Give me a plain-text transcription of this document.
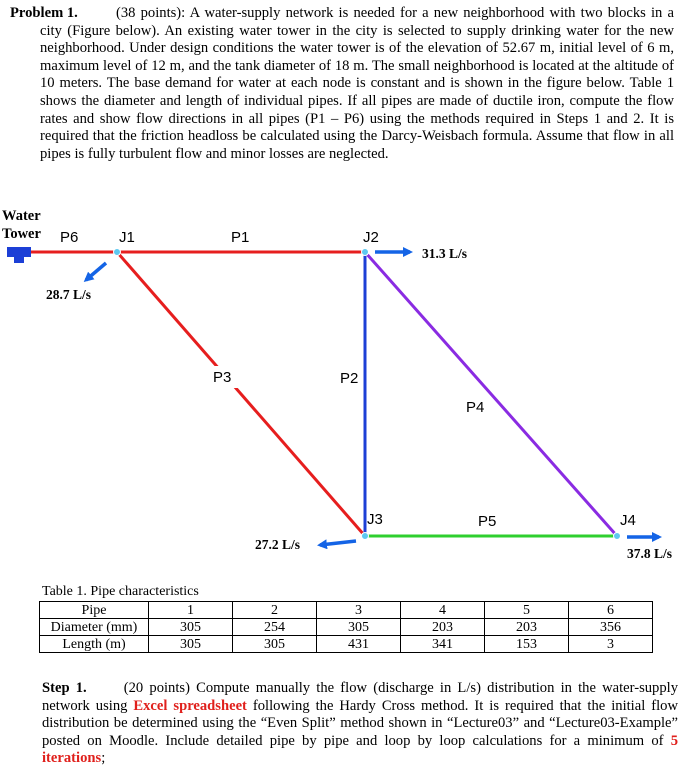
Problem 1.	(38 points): A water-supply network is needed for a new neighborhood with two blocks in a city (Figure below). An existing water tower in the city is selected to supply drinking water for the new neighborhood. Under design conditions the water tower is of the elevation of 52.67 m, initial level of 6 m, maximum level of 12 m, and the tank diameter of 18 m. The small neighborhood is located at the altitude of 10 meters. The base demand for water at each node is constant and is shown in the figure below. Table 1 shows the diameter and length of individual pipes. If all pipes are made of ductile iron, compute the flow rates and show flow directions in all pipes (P1 – P6) using the methods required in Steps 1 and 2. It is required that the friction headloss be calculated using the Darcy-Weisbach formula. Assume that flow in all pipes is fully turbulent flow and minor losses are neglected.
Water
Tower P6	J1	P1	J2
31.3 L/s
28.7 L/s
P3	P2
P4
J3	P5	J4
27.2 L/s
37.8 L/s
Table 1. Pipe characteristics
Pipe	1	2	3	4	5	6
Diameter (mm)	305	254	305	203	203	356
Length (m)	305	305	431	341	153	3
Step 1.	(20 points) Compute manually the flow (discharge in L/s) distribution in the water-supply network using Excel spreadsheet following the Hardy Cross method. It is required that the initial flow distribution be determined using the “Even Split” method shown in “Lecture03” and “Lecture03-Example” posted on Moodle. Include detailed pipe by pipe and loop by loop calculations for a minimum of 5 iterations;
